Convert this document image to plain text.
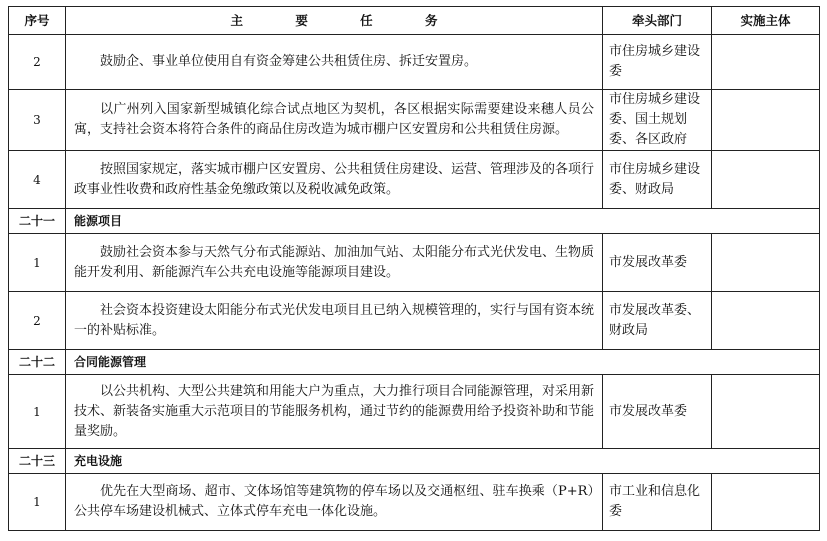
序号	主 要 任 务	牵头部门	实施主体
2	鼓励企、事业单位使用自有资金筹建公共租赁住房、拆迁安置房。	市住房城乡建设委	
3	以广州列入国家新型城镇化综合试点地区为契机，各区根据实际需要建设来穗人员公寓，支持社会资本将符合条件的商品住房改造为城市棚户区安置房和公共租赁住房源。	市住房城乡建设委、国土规划委、各区政府	
4	按照国家规定，落实城市棚户区安置房、公共租赁住房建设、运营、管理涉及的各项行政事业性收费和政府性基金免缴政策以及税收减免政策。	市住房城乡建设委、财政局	
二十一	能源项目		
1	鼓励社会资本参与天然气分布式能源站、加油加气站、太阳能分布式光伏发电、生物质能开发利用、新能源汽车公共充电设施等能源项目建设。	市发展改革委	
2	社会资本投资建设太阳能分布式光伏发电项目且已纳入规模管理的，实行与国有资本统一的补贴标准。	市发展改革委、财政局	
二十二	合同能源管理		
1	以公共机构、大型公共建筑和用能大户为重点，大力推行项目合同能源管理，对采用新技术、新装备实施重大示范项目的节能服务机构，通过节约的能源费用给予投资补助和节能量奖励。	市发展改革委	
二十三	充电设施		
1	优先在大型商场、超市、文体场馆等建筑物的停车场以及交通枢纽、驻车换乘（P+R）公共停车场建设机械式、立体式停车充电一体化设施。	市工业和信息化委	
